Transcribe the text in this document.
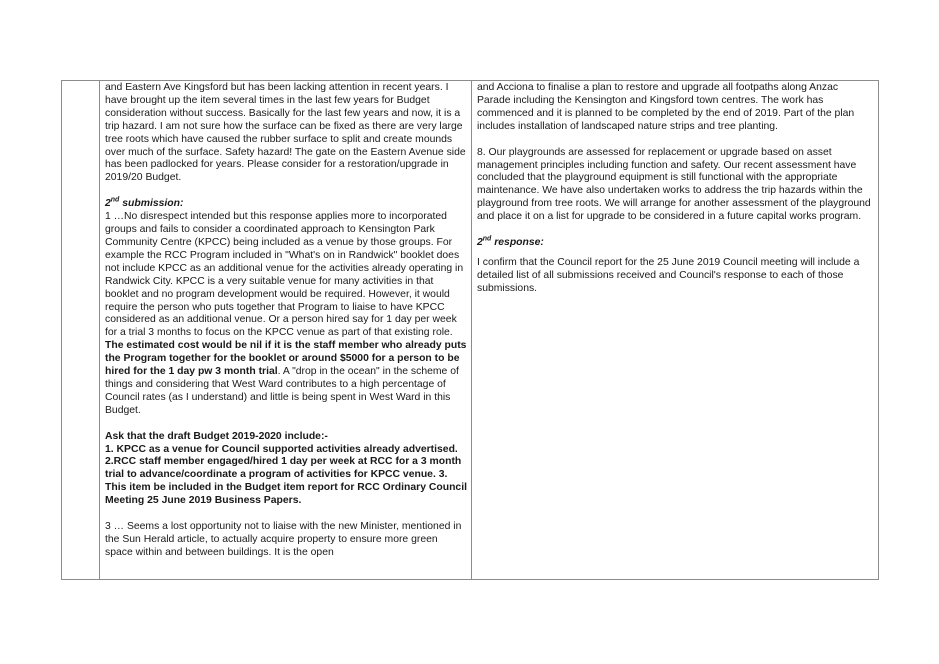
and Eastern Ave Kingsford but has been lacking attention in recent years. I have brought up the item several times in the last few years for Budget consideration without success. Basically for the last few years and now, it is a trip hazard. I am not sure how the surface can be fixed as there are very large tree roots which have caused the rubber surface to split and create mounds over much of the surface. Safety hazard! The gate on the Eastern Avenue side has been padlocked for years. Please consider for a restoration/upgrade in 2019/20 Budget.

2nd submission:

1 …No disrespect intended but this response applies more to incorporated groups and fails to consider a coordinated approach to Kensington Park Community Centre (KPCC) being included as a venue by those groups. For example the RCC Program included in "What's on in Randwick" booklet does not include KPCC as an additional venue for the activities already operating in Randwick City. KPCC is a very suitable venue for many activities in that booklet and no program development would be required. However, it would require the person who puts together that Program to liaise to have KPCC considered as an additional venue. Or a person hired say for 1 day per week for a trial 3 months to focus on the KPCC venue as part of that existing role. The estimated cost would be nil if it is the staff member who already puts the Program together for the booklet or around $5000 for a person to be hired for the 1 day pw 3 month trial. A "drop in the ocean" in the scheme of things and considering that West Ward contributes to a high percentage of Council rates (as I understand) and little is being spent in West Ward in this Budget.

Ask that the draft Budget 2019-2020 include:-

1. KPCC as a venue for Council supported activities already advertised. 2.RCC staff member engaged/hired 1 day per week at RCC for a 3 month trial to advance/coordinate a program of activities for KPCC venue. 3. This item be included in the Budget item report for RCC Ordinary Council Meeting 25 June 2019 Business Papers.

3 … Seems a lost opportunity not to liaise with the new Minister, mentioned in the Sun Herald article, to actually acquire property to ensure more green space within and between buildings. It is the open

and Acciona to finalise a plan to restore and upgrade all footpaths along Anzac Parade including the Kensington and Kingsford town centres. The work has commenced and it is planned to be completed by the end of 2019. Part of the plan includes installation of landscaped nature strips and tree planting.

8. Our playgrounds are assessed for replacement or upgrade based on asset management principles including function and safety. Our recent assessment have concluded that the playground equipment is still functional with the appropriate maintenance. We have also undertaken works to address the trip hazards within the playground from tree roots. We will arrange for another assessment of the playground and place it on a list for upgrade to be considered in a future capital works program.

2nd response:

I confirm that the Council report for the 25 June 2019 Council meeting will include a detailed list of all submissions received and Council's response to each of those submissions.
